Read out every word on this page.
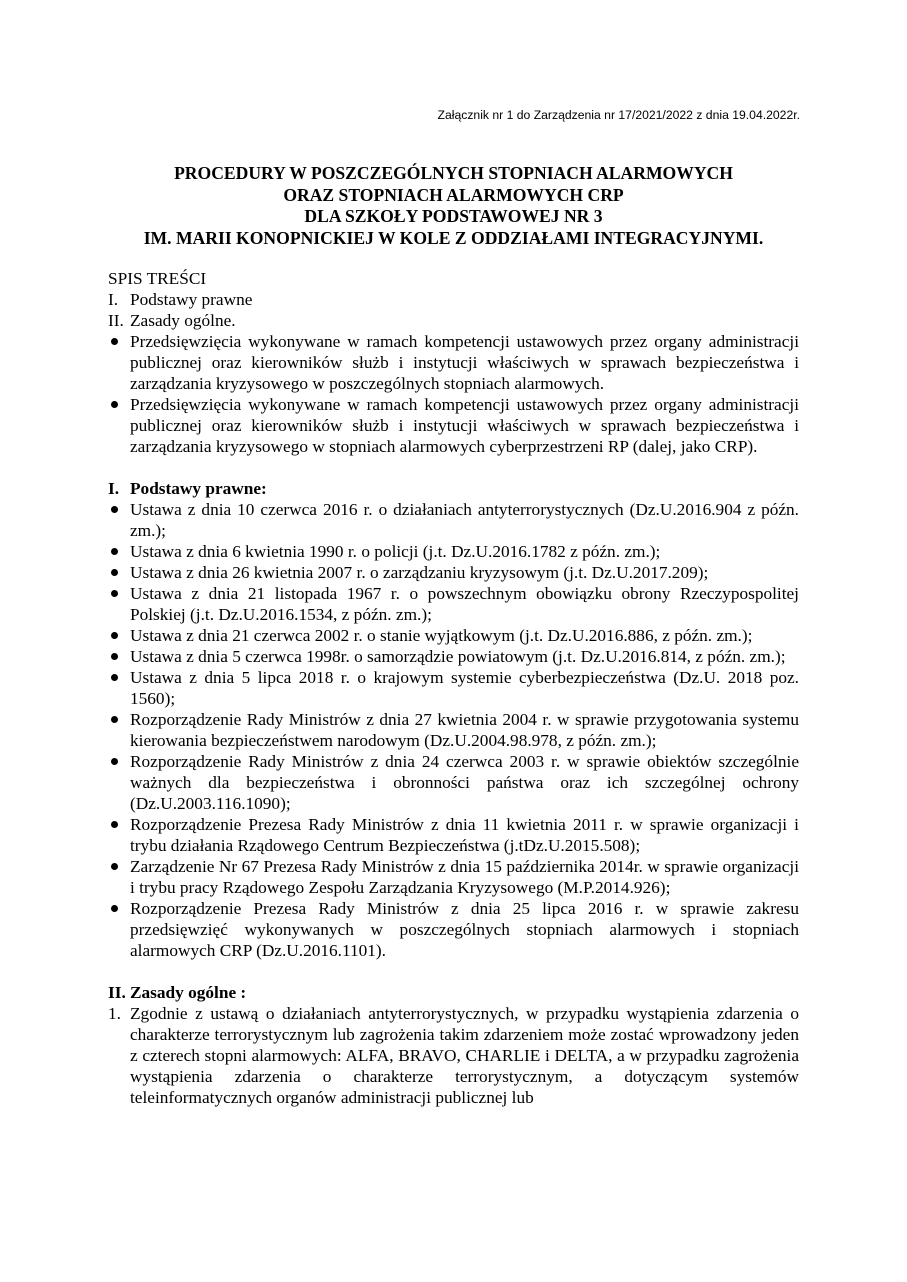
Załącznik nr 1 do Zarządzenia nr 17/2021/2022 z dnia 19.04.2022r.
PROCEDURY W POSZCZEGÓLNYCH STOPNIACH ALARMOWYCH
ORAZ STOPNIACH ALARMOWYCH CRP
DLA SZKOŁY PODSTAWOWEJ NR 3
IM. MARII KONOPNICKIEJ W KOLE Z ODDZIAŁAMI INTEGRACYJNYMI.
SPIS TREŚCI
I. Podstawy prawne
II. Zasady ogólne.
Przedsięwzięcia wykonywane w ramach kompetencji ustawowych przez organy administracji publicznej oraz kierowników służb i instytucji właściwych w sprawach bezpieczeństwa i zarządzania kryzysowego w poszczególnych stopniach alarmowych.
Przedsięwzięcia wykonywane w ramach kompetencji ustawowych przez organy administracji publicznej oraz kierowników służb i instytucji właściwych w sprawach bezpieczeństwa i zarządzania kryzysowego w stopniach alarmowych cyberprzestrzeni RP (dalej, jako CRP).
I. Podstawy prawne:
Ustawa z dnia 10 czerwca 2016 r. o działaniach antyterrorystycznych (Dz.U.2016.904 z późn. zm.);
Ustawa z dnia 6 kwietnia 1990 r. o policji (j.t. Dz.U.2016.1782 z późn. zm.);
Ustawa z dnia 26 kwietnia 2007 r. o zarządzaniu kryzysowym (j.t. Dz.U.2017.209);
Ustawa z dnia 21 listopada 1967 r. o powszechnym obowiązku obrony Rzeczypospolitej Polskiej (j.t. Dz.U.2016.1534, z późn. zm.);
Ustawa z dnia 21 czerwca 2002 r. o stanie wyjątkowym (j.t. Dz.U.2016.886, z późn. zm.);
Ustawa z dnia 5 czerwca 1998r. o samorządzie powiatowym (j.t. Dz.U.2016.814, z późn. zm.);
Ustawa z dnia 5 lipca 2018 r. o krajowym systemie cyberbezpieczeństwa (Dz.U. 2018 poz. 1560);
Rozporządzenie Rady Ministrów z dnia 27 kwietnia 2004 r. w sprawie przygotowania systemu kierowania bezpieczeństwem narodowym (Dz.U.2004.98.978, z późn. zm.);
Rozporządzenie Rady Ministrów z dnia 24 czerwca 2003 r. w sprawie obiektów szczególnie ważnych dla bezpieczeństwa i obronności państwa oraz ich szczególnej ochrony (Dz.U.2003.116.1090);
Rozporządzenie Prezesa Rady Ministrów z dnia 11 kwietnia 2011 r. w sprawie organizacji i trybu działania Rządowego Centrum Bezpieczeństwa (j.tDz.U.2015.508);
Zarządzenie Nr 67 Prezesa Rady Ministrów z dnia 15 października 2014r. w sprawie organizacji i trybu pracy Rządowego Zespołu Zarządzania Kryzysowego (M.P.2014.926);
Rozporządzenie Prezesa Rady Ministrów z dnia 25 lipca 2016 r. w sprawie zakresu przedsięwzięć wykonywanych w poszczególnych stopniach alarmowych i stopniach alarmowych CRP (Dz.U.2016.1101).
II. Zasady ogólne :
1. Zgodnie z ustawą o działaniach antyterrorystycznych, w przypadku wystąpienia zdarzenia o charakterze terrorystycznym lub zagrożenia takim zdarzeniem może zostać wprowadzony jeden z czterech stopni alarmowych: ALFA, BRAVO, CHARLIE i DELTA, a w przypadku zagrożenia wystąpienia zdarzenia o charakterze terrorystycznym, a dotyczącym systemów teleinformatycznych organów administracji publicznej lub
